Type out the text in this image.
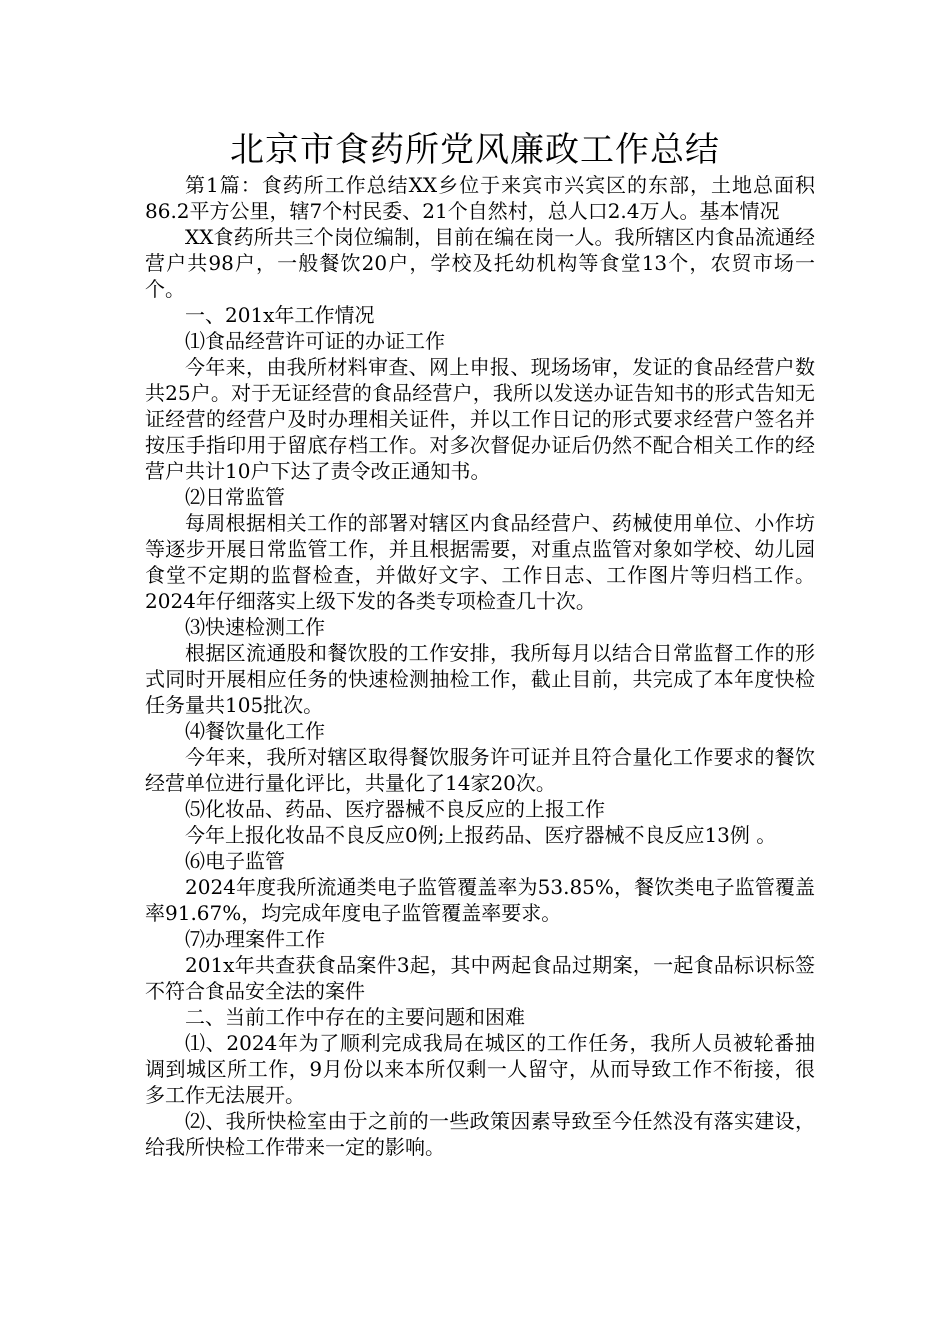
北京市食药所党风廉政工作总结

第1篇：食药所工作总结XX乡位于来宾市兴宾区的东部，土地总面积86.2平方公里，辖7个村民委、21个自然村，总人口2.4万人。基本情况

XX食药所共三个岗位编制，目前在编在岗一人。我所辖区内食品流通经营户共98户，一般餐饮20户，学校及托幼机构等食堂13个，农贸市场一个。

一、201x年工作情况

⑴食品经营许可证的办证工作

今年来，由我所材料审查、网上申报、现场场审，发证的食品经营户数共25户。对于无证经营的食品经营户，我所以发送办证告知书的形式告知无证经营的经营户及时办理相关证件，并以工作日记的形式要求经营户签名并按压手指印用于留底存档工作。对多次督促办证后仍然不配合相关工作的经营户共计10户下达了责令改正通知书。

⑵日常监管

每周根据相关工作的部署对辖区内食品经营户、药械使用单位、小作坊等逐步开展日常监管工作，并且根据需要，对重点监管对象如学校、幼儿园食堂不定期的监督检查，并做好文字、工作日志、工作图片等归档工作。2024年仔细落实上级下发的各类专项检查几十次。

⑶快速检测工作

根据区流通股和餐饮股的工作安排，我所每月以结合日常监督工作的形式同时开展相应任务的快速检测抽检工作，截止目前，共完成了本年度快检任务量共105批次。

⑷餐饮量化工作

今年来，我所对辖区取得餐饮服务许可证并且符合量化工作要求的餐饮经营单位进行量化评比，共量化了14家20次。

⑸化妆品、药品、医疗器械不良反应的上报工作

今年上报化妆品不良反应0例;上报药品、医疗器械不良反应13例 。

⑹电子监管

2024年度我所流通类电子监管覆盖率为53.85%，餐饮类电子监管覆盖率91.67%，均完成年度电子监管覆盖率要求。

⑺办理案件工作

201x年共查获食品案件3起，其中两起食品过期案，一起食品标识标签不符合食品安全法的案件

二、当前工作中存在的主要问题和困难

⑴、2024年为了顺利完成我局在城区的工作任务，我所人员被轮番抽调到城区所工作，9月份以来本所仅剩一人留守，从而导致工作不衔接，很多工作无法展开。

⑵、我所快检室由于之前的一些政策因素导致至今任然没有落实建设，给我所快检工作带来一定的影响。
